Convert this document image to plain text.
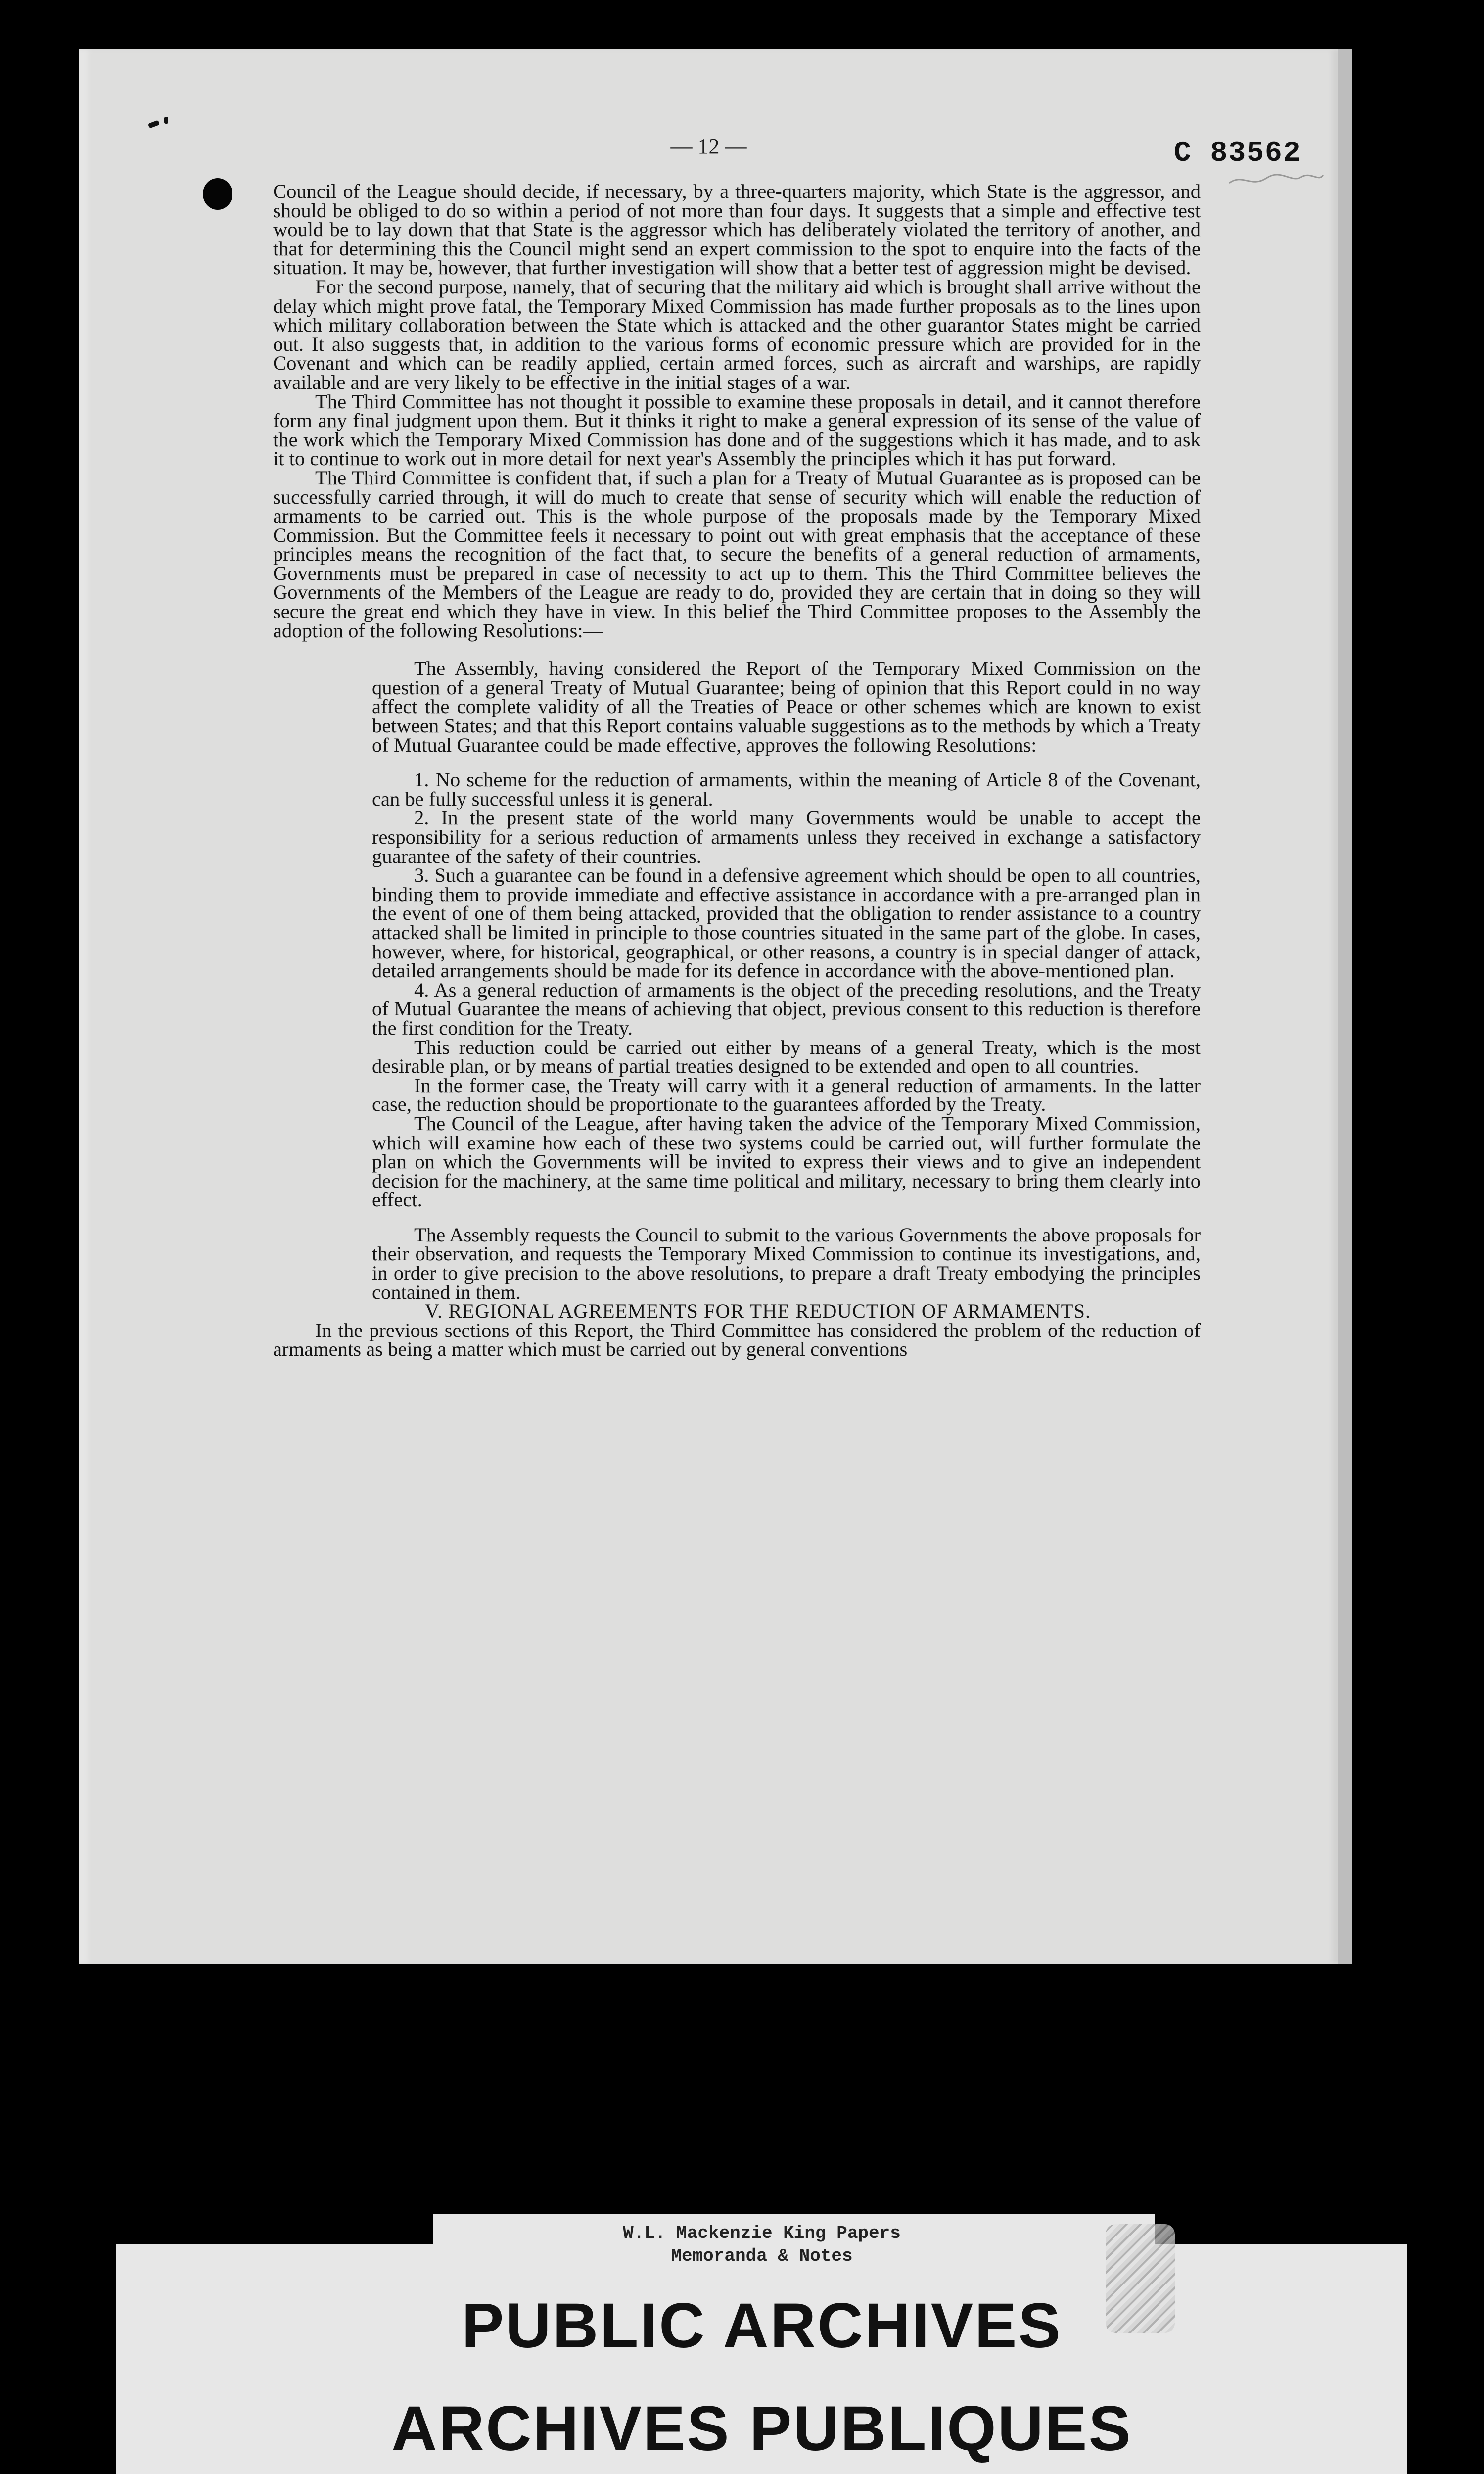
C 83562
— 12 —

Council of the League should decide, if necessary, by a three-quarters majority, which State is the aggressor, and should be obliged to do so within a period of not more than four days. It suggests that a simple and effective test would be to lay down that that State is the aggressor which has deliberately violated the territory of another, and that for determining this the Council might send an expert commission to the spot to enquire into the facts of the situation. It may be, however, that further investigation will show that a better test of aggression might be devised.

For the second purpose, namely, that of securing that the military aid which is brought shall arrive without the delay which might prove fatal, the Temporary Mixed Commission has made further proposals as to the lines upon which military collaboration between the State which is attacked and the other guarantor States might be carried out. It also suggests that, in addition to the various forms of economic pressure which are provided for in the Covenant and which can be readily applied, certain armed forces, such as aircraft and warships, are rapidly available and are very likely to be effective in the initial stages of a war.

The Third Committee has not thought it possible to examine these proposals in detail, and it cannot therefore form any final judgment upon them. But it thinks it right to make a general expression of its sense of the value of the work which the Temporary Mixed Commission has done and of the suggestions which it has made, and to ask it to continue to work out in more detail for next year's Assembly the principles which it has put forward.

The Third Committee is confident that, if such a plan for a Treaty of Mutual Guarantee as is proposed can be successfully carried through, it will do much to create that sense of security which will enable the reduction of armaments to be carried out. This is the whole purpose of the proposals made by the Temporary Mixed Commission. But the Committee feels it necessary to point out with great emphasis that the acceptance of these principles means the recognition of the fact that, to secure the benefits of a general reduction of armaments, Governments must be prepared in case of necessity to act up to them. This the Third Committee believes the Governments of the Members of the League are ready to do, provided they are certain that in doing so they will secure the great end which they have in view. In this belief the Third Committee proposes to the Assembly the adoption of the following Resolutions:—

The Assembly, having considered the Report of the Temporary Mixed Commission on the question of a general Treaty of Mutual Guarantee; being of opinion that this Report could in no way affect the complete validity of all the Treaties of Peace or other schemes which are known to exist between States; and that this Report contains valuable suggestions as to the methods by which a Treaty of Mutual Guarantee could be made effective, approves the following Resolutions:

1. No scheme for the reduction of armaments, within the meaning of Article 8 of the Covenant, can be fully successful unless it is general.

2. In the present state of the world many Governments would be unable to accept the responsibility for a serious reduction of armaments unless they received in exchange a satisfactory guarantee of the safety of their countries.

3. Such a guarantee can be found in a defensive agreement which should be open to all countries, binding them to provide immediate and effective assistance in accordance with a pre-arranged plan in the event of one of them being attacked, provided that the obligation to render assistance to a country attacked shall be limited in principle to those countries situated in the same part of the globe. In cases, however, where, for historical, geographical, or other reasons, a country is in special danger of attack, detailed arrangements should be made for its defence in accordance with the above-mentioned plan.

4. As a general reduction of armaments is the object of the preceding resolutions, and the Treaty of Mutual Guarantee the means of achieving that object, previous consent to this reduction is therefore the first condition for the Treaty.

This reduction could be carried out either by means of a general Treaty, which is the most desirable plan, or by means of partial treaties designed to be extended and open to all countries.

In the former case, the Treaty will carry with it a general reduction of armaments. In the latter case, the reduction should be proportionate to the guarantees afforded by the Treaty.

The Council of the League, after having taken the advice of the Temporary Mixed Commission, which will examine how each of these two systems could be carried out, will further formulate the plan on which the Governments will be invited to express their views and to give an independent decision for the machinery, at the same time political and military, necessary to bring them clearly into effect.

The Assembly requests the Council to submit to the various Governments the above proposals for their observation, and requests the Temporary Mixed Commission to continue its investigations, and, in order to give precision to the above resolutions, to prepare a draft Treaty embodying the principles contained in them.

V. REGIONAL AGREEMENTS FOR THE REDUCTION OF ARMAMENTS.

In the previous sections of this Report, the Third Committee has considered the problem of the reduction of armaments as being a matter which must be carried out by general conventions

W.L. Mackenzie King Papers
Memoranda & Notes
PUBLIC ARCHIVES
ARCHIVES PUBLIQUES
